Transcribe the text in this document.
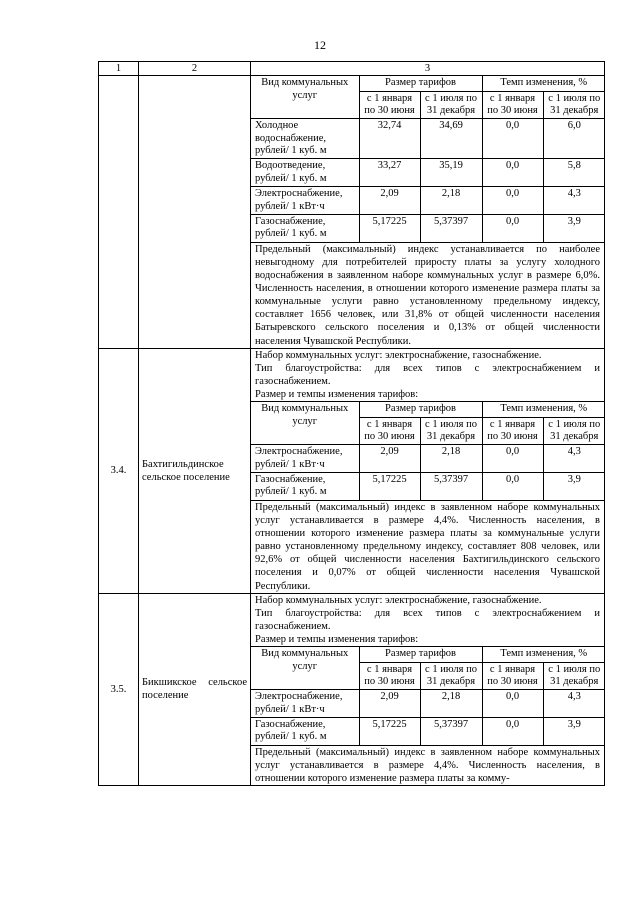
12
1	2	3

Вид коммунальных услуг	Размер тарифов	Темп изменения, %
с 1 января по 30 июня	с 1 июля по 31 декабря	с 1 января по 30 июня	с 1 июля по 31 декабря
Холодное водоснабжение, рублей/ 1 куб. м	32,74	34,69	0,0	6,0
Водоотведение, рублей/ 1 куб. м	33,27	35,19	0,0	5,8
Электроснабжение, рублей/ 1 кВт·ч	2,09	2,18	0,0	4,3
Газоснабжение, рублей/ 1 куб. м	5,17225	5,37397	0,0	3,9
Предельный (максимальный) индекс устанавливается по наиболее невыгодному для потребителей приросту платы за услугу холодного водоснабжения в заявленном наборе коммунальных услуг в размере 6,0%. Численность населения, в отношении которого изменение размера платы за коммунальные услуги равно установленному предельному индексу, составляет 1656 человек, или 31,8% от общей численности населения Батыревского сельского поселения и 0,13% от общей численности населения Чувашской Республики.

3.4.	Бахтигильдинское сельское поселение	
Набор коммунальных услуг: электроснабжение, газоснабжение.
Тип благоустройства: для всех типов с электроснабжением и газоснабжением.
Размер и темпы изменения тарифов:
Вид коммунальных услуг	Размер тарифов	Темп изменения, %
с 1 января по 30 июня	с 1 июля по 31 декабря	с 1 января по 30 июня	с 1 июля по 31 декабря
Электроснабжение, рублей/ 1 кВт·ч	2,09	2,18	0,0	4,3
Газоснабжение, рублей/ 1 куб. м	5,17225	5,37397	0,0	3,9
Предельный (максимальный) индекс в заявленном наборе коммунальных услуг устанавливается в размере 4,4%. Численность населения, в отношении которого изменение размера платы за коммунальные услуги равно установленному предельному индексу, составляет 808 человек, или 92,6% от общей численности населения Бахтигильдинского сельского поселения и 0,07% от общей численности населения Чувашской Республики.

3.5.	Бикшикское сельское поселение	
Набор коммунальных услуг: электроснабжение, газоснабжение.
Тип благоустройства: для всех типов с электроснабжением и газоснабжением.
Размер и темпы изменения тарифов:
Вид коммунальных услуг	Размер тарифов	Темп изменения, %
с 1 января по 30 июня	с 1 июля по 31 декабря	с 1 января по 30 июня	с 1 июля по 31 декабря
Электроснабжение, рублей/ 1 кВт·ч	2,09	2,18	0,0	4,3
Газоснабжение, рублей/ 1 куб. м	5,17225	5,37397	0,0	3,9
Предельный (максимальный) индекс в заявленном наборе коммунальных услуг устанавливается в размере 4,4%. Численность населения, в отношении которого изменение размера платы за комму-
